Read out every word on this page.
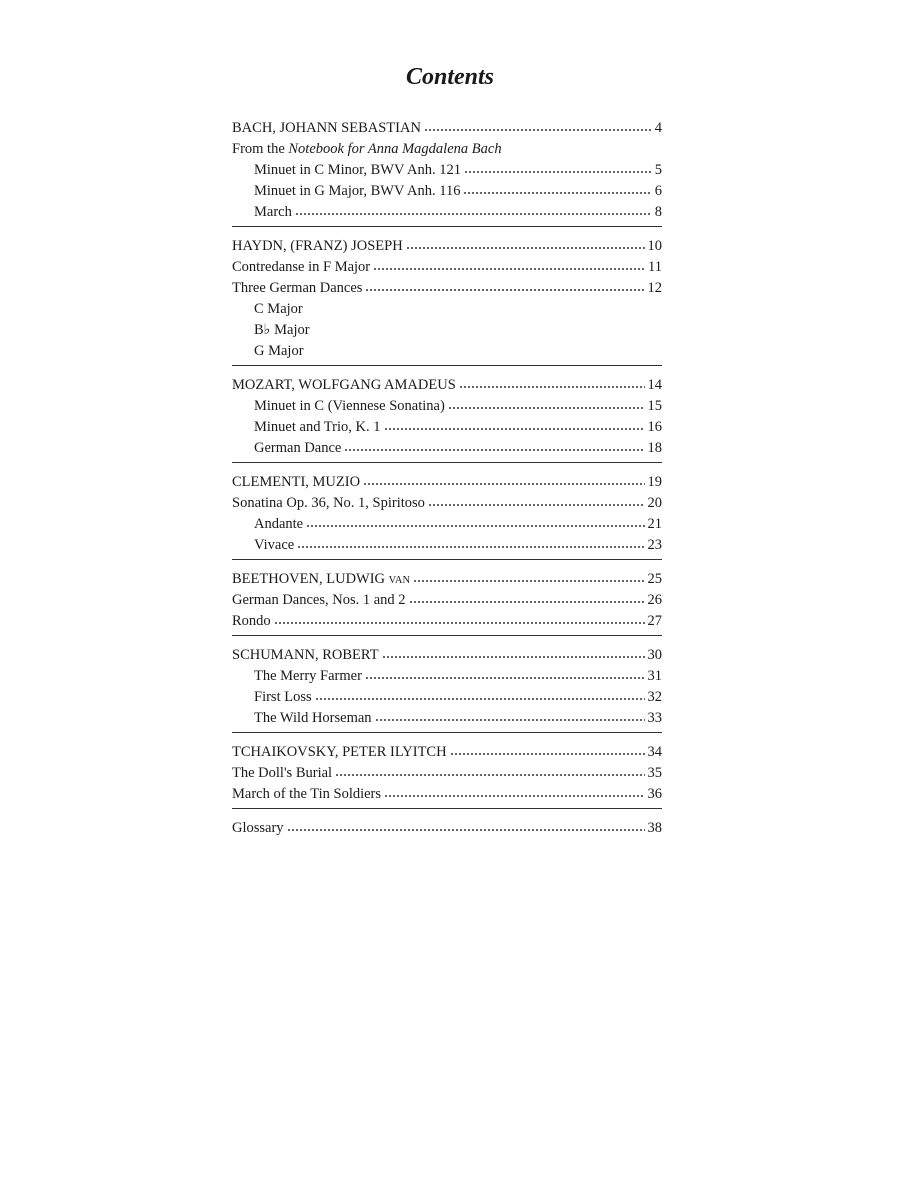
Contents
BACH, JOHANN SEBASTIAN	4
From the Notebook for Anna Magdalena Bach
Minuet in C Minor, BWV Anh. 121	5
Minuet in G Major, BWV Anh. 116	6
March	8
HAYDN, (FRANZ) JOSEPH	10
Contredanse in F Major	11
Three German Dances	12
C Major
B♭ Major
G Major
MOZART, WOLFGANG AMADEUS	14
Minuet in C (Viennese Sonatina)	15
Minuet and Trio, K. 1	16
German Dance	18
CLEMENTI, MUZIO	19
Sonatina Op. 36, No. 1, Spiritoso	20
Andante	21
Vivace	23
BEETHOVEN, LUDWIG VAN	25
German Dances, Nos. 1 and 2	26
Rondo	27
SCHUMANN, ROBERT	30
The Merry Farmer	31
First Loss	32
The Wild Horseman	33
TCHAIKOVSKY, PETER ILYITCH	34
The Doll's Burial	35
March of the Tin Soldiers	36
Glossary	38
